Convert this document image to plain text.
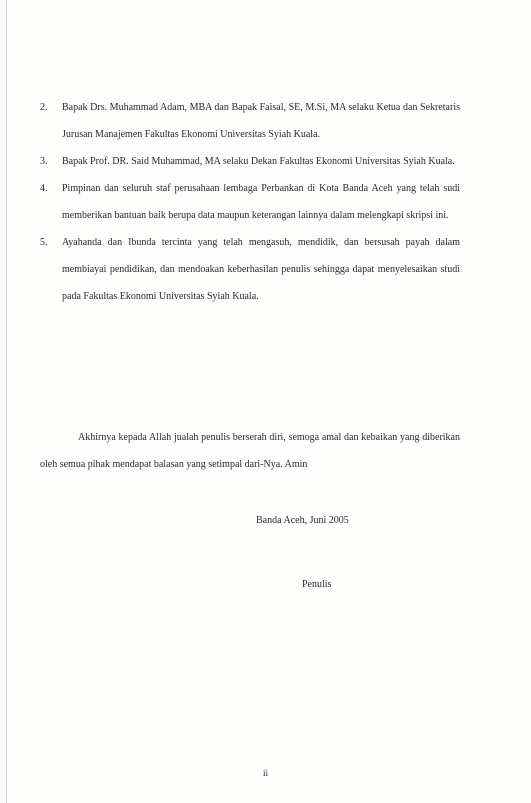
2. Bapak Drs. Muhammad Adam, MBA dan Bapak Faisal, SE, M.Si, MA selaku Ketua dan Sekretaris Jurusan Manajemen Fakultas Ekonomi Universitas Syiah Kuala.
3. Bapak Prof. DR. Said Muhammad, MA selaku Dekan Fakultas Ekonomi Universitas Syiah Kuala.
4. Pimpinan dan seluruh staf perusahaan lembaga Perbankan di Kota Banda Aceh yang telah sudi memberikan bantuan baik berupa data maupun keterangan lainnya dalam melengkapi skripsi ini.
5. Ayahanda dan Ibunda tercinta yang telah mengasuh, mendidik, dan bersusah payah dalam membiayai pendidikan, dan mendoakan keberhasilan penulis sehingga dapat menyelesaikan studi pada Fakultas Ekonomi Universitas Syiah Kuala.

Akhirnya kepada Allah jualah penulis berserah diri, semoga amal dan kebaikan yang diberikan oleh semua pihak mendapat balasan yang setimpal dari-Nya. Amin

Banda Aceh, Juni 2005

Penulis

ii
